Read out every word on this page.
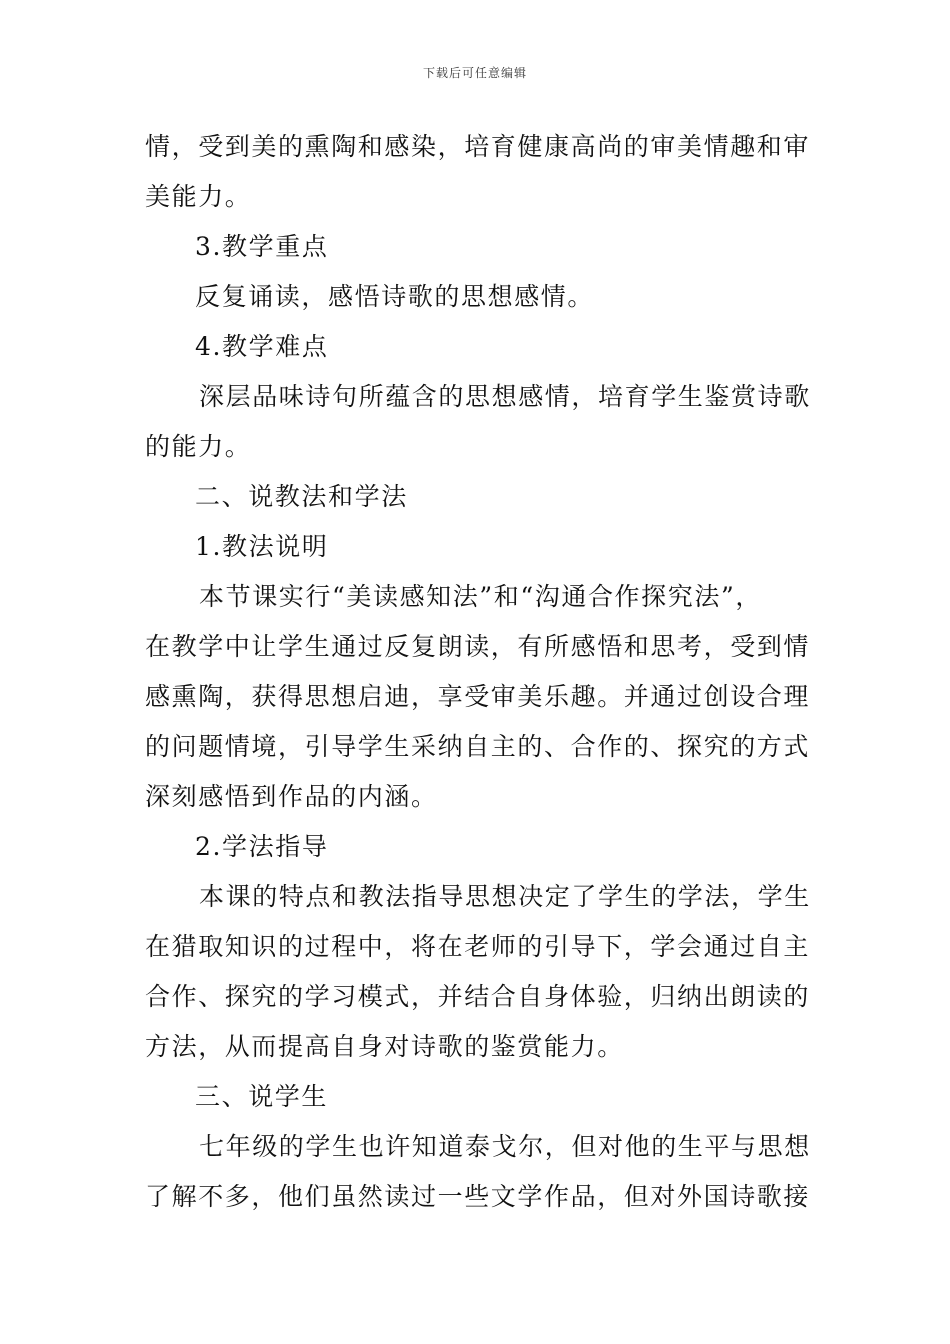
下载后可任意编辑
情，受到美的熏陶和感染，培育健康高尚的审美情趣和审
美能力。
3.教学重点
反复诵读，感悟诗歌的思想感情。
4.教学难点
深层品味诗句所蕴含的思想感情，培育学生鉴赏诗歌
的能力。
二、说教法和学法
1.教法说明
本节课实行“美读感知法”和“沟通合作探究法”，
在教学中让学生通过反复朗读，有所感悟和思考，受到情
感熏陶，获得思想启迪，享受审美乐趣。并通过创设合理
的问题情境，引导学生采纳自主的、合作的、探究的方式
深刻感悟到作品的内涵。
2.学法指导
本课的特点和教法指导思想决定了学生的学法，学生
在猎取知识的过程中，将在老师的引导下，学会通过自主
合作、探究的学习模式，并结合自身体验，归纳出朗读的
方法，从而提高自身对诗歌的鉴赏能力。
三、说学生
七年级的学生也许知道泰戈尔，但对他的生平与思想
了解不多，他们虽然读过一些文学作品，但对外国诗歌接
